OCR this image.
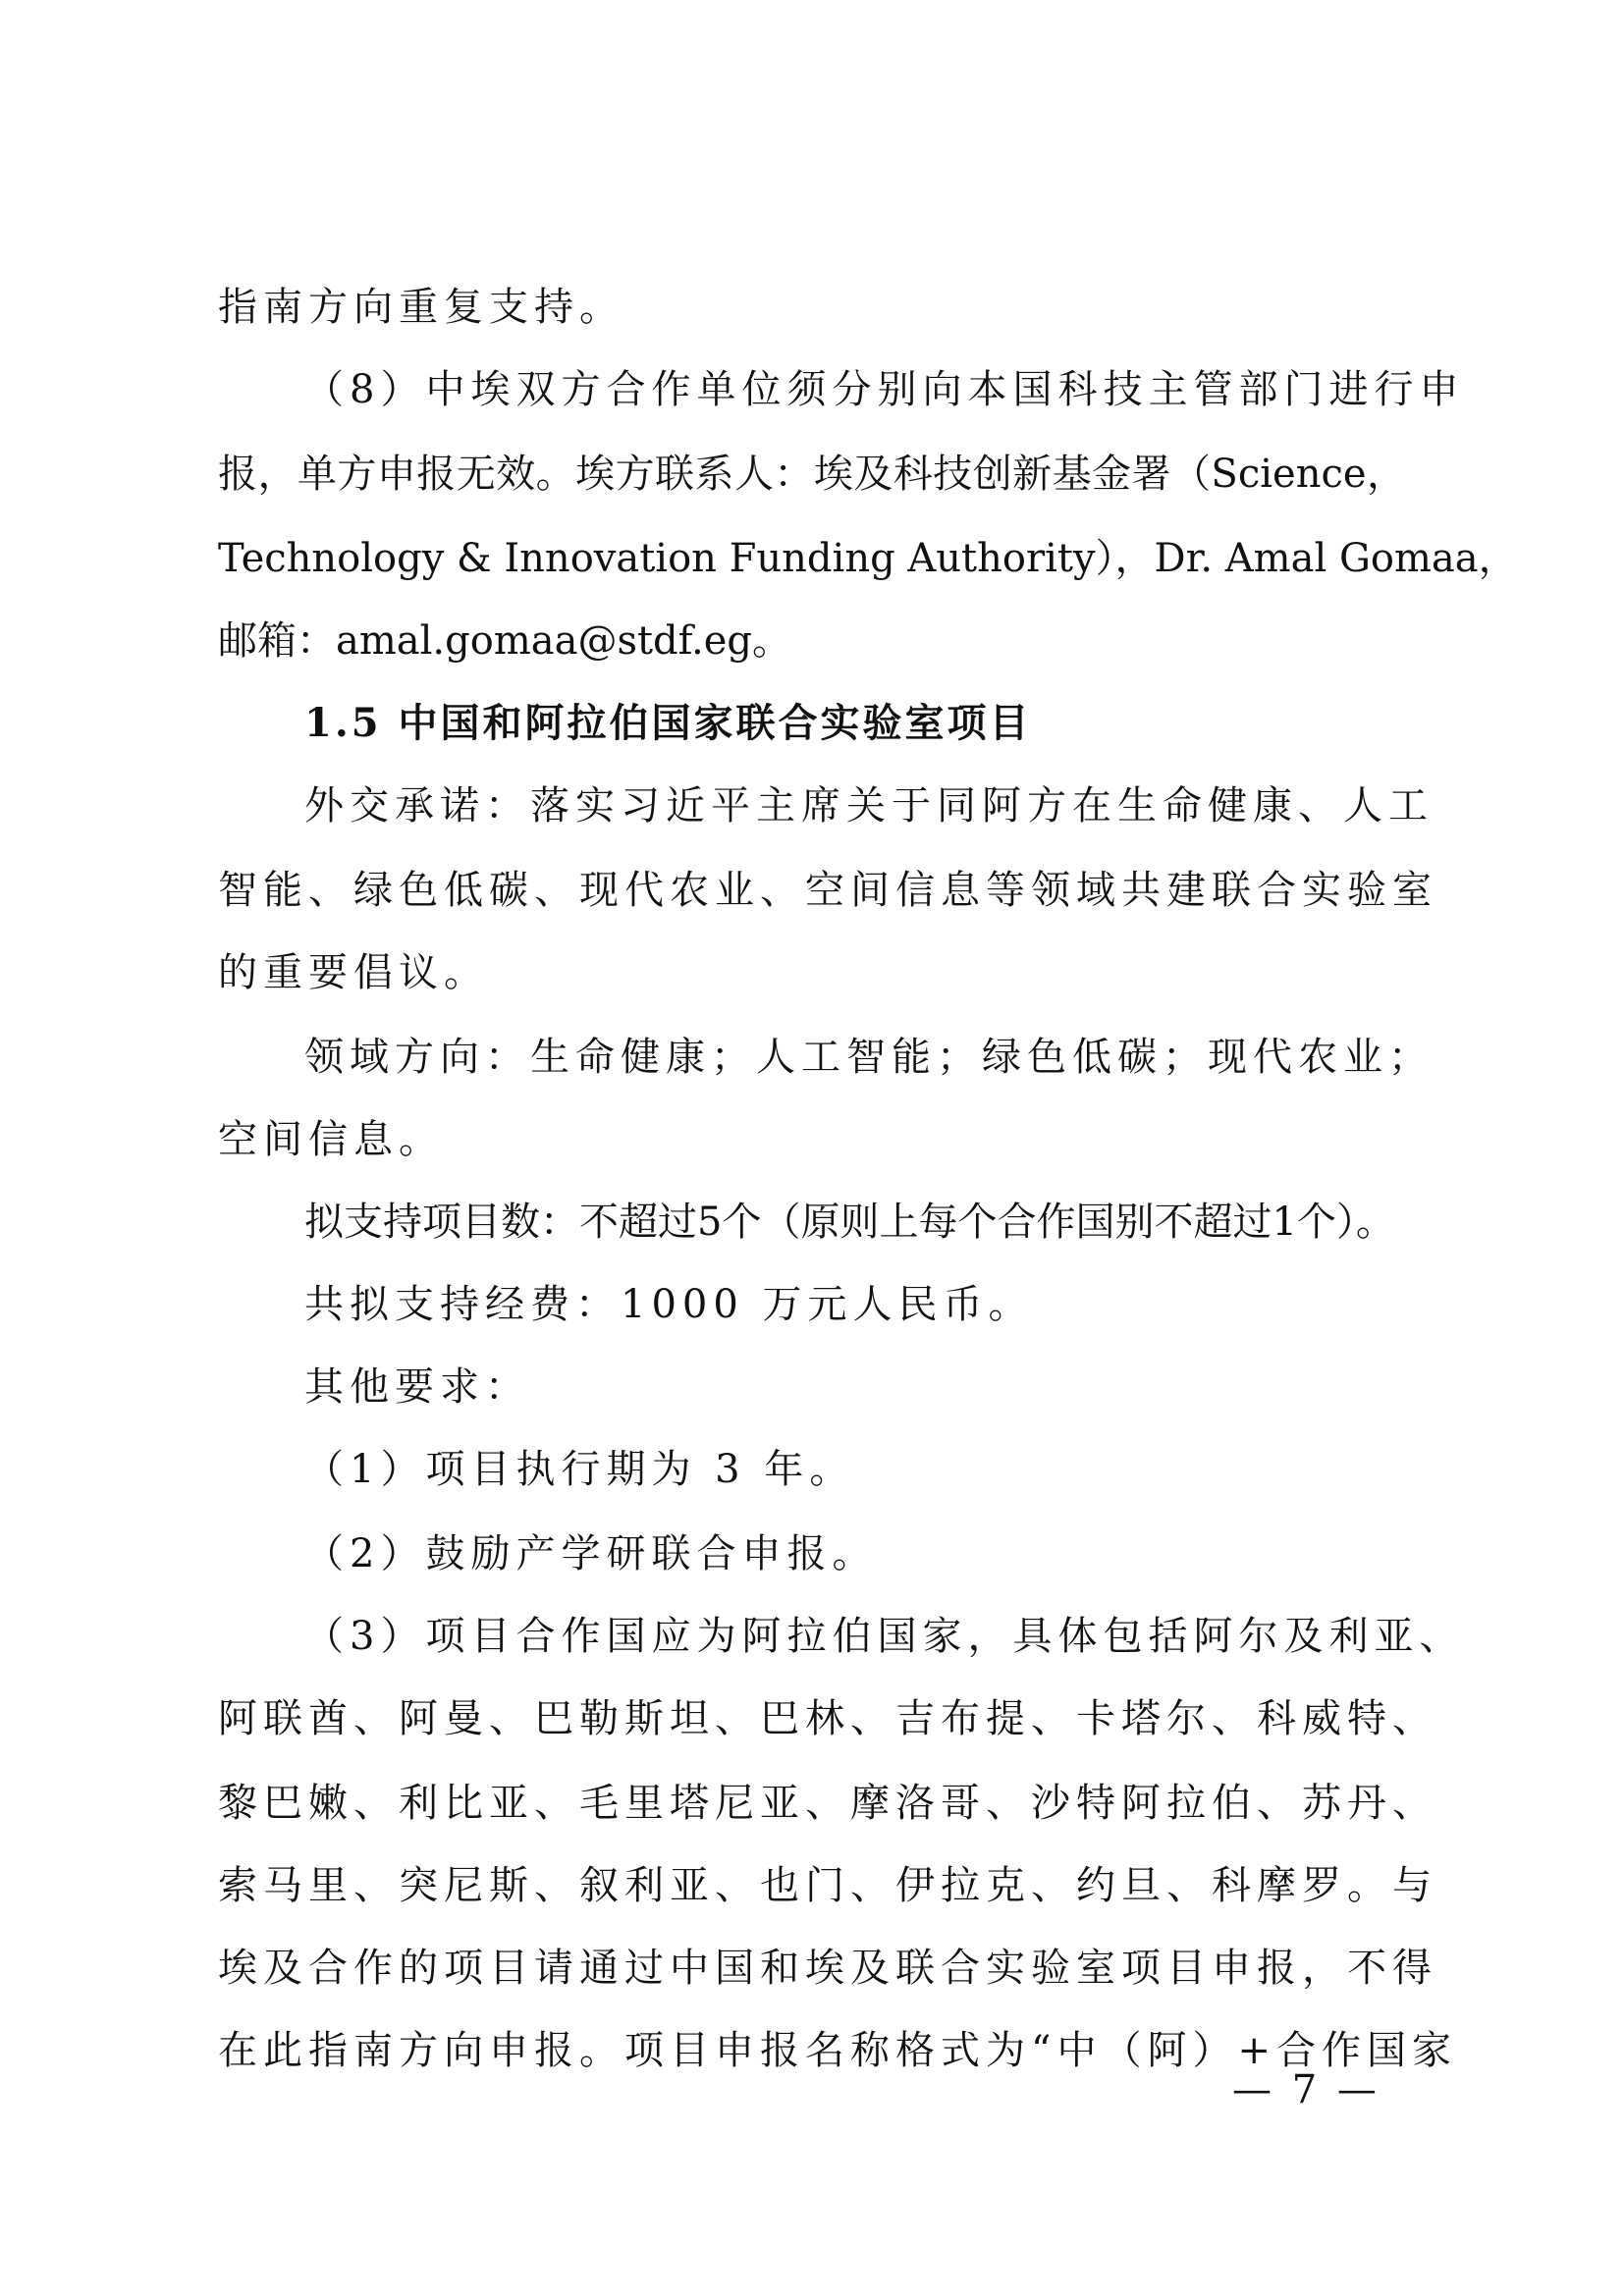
指南方向重复支持。
（8）中埃双方合作单位须分别向本国科技主管部门进行申
报，单方申报无效。埃方联系人：埃及科技创新基金署（Science，
Technology & Innovation Funding Authority），Dr. Amal Gomaa，
邮箱：amal.gomaa@stdf.eg。
1.5 中国和阿拉伯国家联合实验室项目
外交承诺：落实习近平主席关于同阿方在生命健康、人工
智能、绿色低碳、现代农业、空间信息等领域共建联合实验室
的重要倡议。
领域方向：生命健康；人工智能；绿色低碳；现代农业；
空间信息。
拟支持项目数：不超过5个（原则上每个合作国别不超过1个）。
共拟支持经费：1000 万元人民币。
其他要求：
（1）项目执行期为 3 年。
（2）鼓励产学研联合申报。
（3）项目合作国应为阿拉伯国家，具体包括阿尔及利亚、
阿联酋、阿曼、巴勒斯坦、巴林、吉布提、卡塔尔、科威特、
黎巴嫩、利比亚、毛里塔尼亚、摩洛哥、沙特阿拉伯、苏丹、
索马里、突尼斯、叙利亚、也门、伊拉克、约旦、科摩罗。与
埃及合作的项目请通过中国和埃及联合实验室项目申报，不得
在此指南方向申报。项目申报名称格式为“中（阿）+合作国家
— 7 —
